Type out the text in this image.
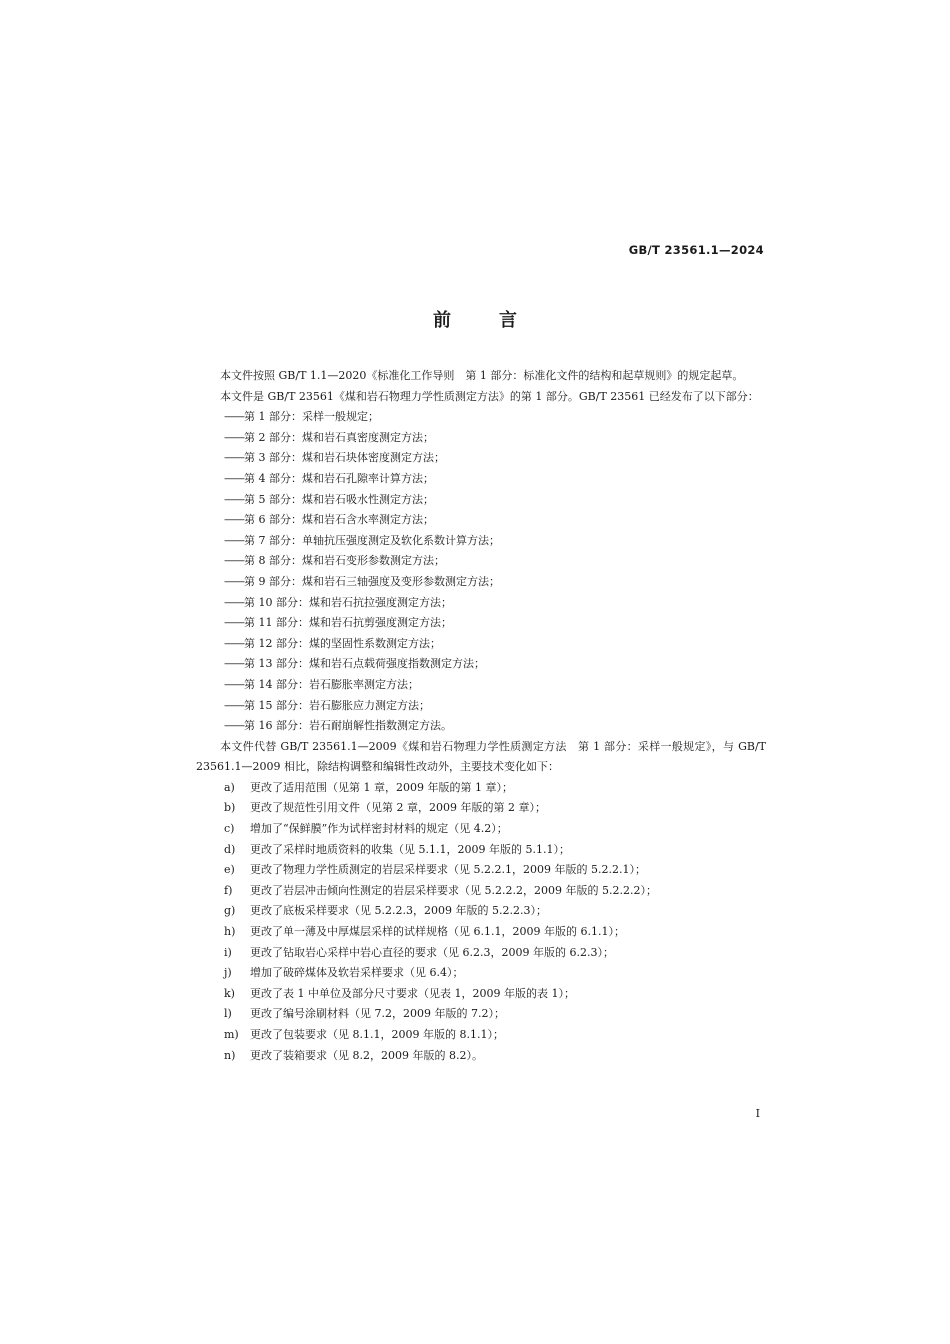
GB/T 23561.1—2024
前	言

本文件按照 GB/T 1.1—2020《标准化工作导则　第 1 部分：标准化文件的结构和起草规则》的规定起草。

本文件是 GB/T 23561《煤和岩石物理力学性质测定方法》的第 1 部分。GB/T 23561 已经发布了以下部分：

——第 1 部分：采样一般规定；

——第 2 部分：煤和岩石真密度测定方法；

——第 3 部分：煤和岩石块体密度测定方法；

——第 4 部分：煤和岩石孔隙率计算方法；

——第 5 部分：煤和岩石吸水性测定方法；

——第 6 部分：煤和岩石含水率测定方法；

——第 7 部分：单轴抗压强度测定及软化系数计算方法；

——第 8 部分：煤和岩石变形参数测定方法；

——第 9 部分：煤和岩石三轴强度及变形参数测定方法；

——第 10 部分：煤和岩石抗拉强度测定方法；

——第 11 部分：煤和岩石抗剪强度测定方法；

——第 12 部分：煤的坚固性系数测定方法；

——第 13 部分：煤和岩石点载荷强度指数测定方法；

——第 14 部分：岩石膨胀率测定方法；

——第 15 部分：岩石膨胀应力测定方法；

——第 16 部分：岩石耐崩解性指数测定方法。

本文件代替 GB/T 23561.1—2009《煤和岩石物理力学性质测定方法　第 1 部分：采样一般规定》，与 GB/T 23561.1—2009 相比，除结构调整和编辑性改动外，主要技术变化如下：

a) 更改了适用范围（见第 1 章，2009 年版的第 1 章）；

b) 更改了规范性引用文件（见第 2 章，2009 年版的第 2 章）；

c) 增加了“保鲜膜”作为试样密封材料的规定（见 4.2）；

d) 更改了采样时地质资料的收集（见 5.1.1，2009 年版的 5.1.1）；

e) 更改了物理力学性质测定的岩层采样要求（见 5.2.2.1，2009 年版的 5.2.2.1）；

f) 更改了岩层冲击倾向性测定的岩层采样要求（见 5.2.2.2，2009 年版的 5.2.2.2）；

g) 更改了底板采样要求（见 5.2.2.3，2009 年版的 5.2.2.3）；

h) 更改了单一薄及中厚煤层采样的试样规格（见 6.1.1，2009 年版的 6.1.1）；

i) 更改了钻取岩心采样中岩心直径的要求（见 6.2.3，2009 年版的 6.2.3）；

j) 增加了破碎煤体及软岩采样要求（见 6.4）；

k) 更改了表 1 中单位及部分尺寸要求（见表 1，2009 年版的表 1）；

l) 更改了编号涂刷材料（见 7.2，2009 年版的 7.2）；

m) 更改了包装要求（见 8.1.1，2009 年版的 8.1.1）；

n) 更改了装箱要求（见 8.2，2009 年版的 8.2）。

I
